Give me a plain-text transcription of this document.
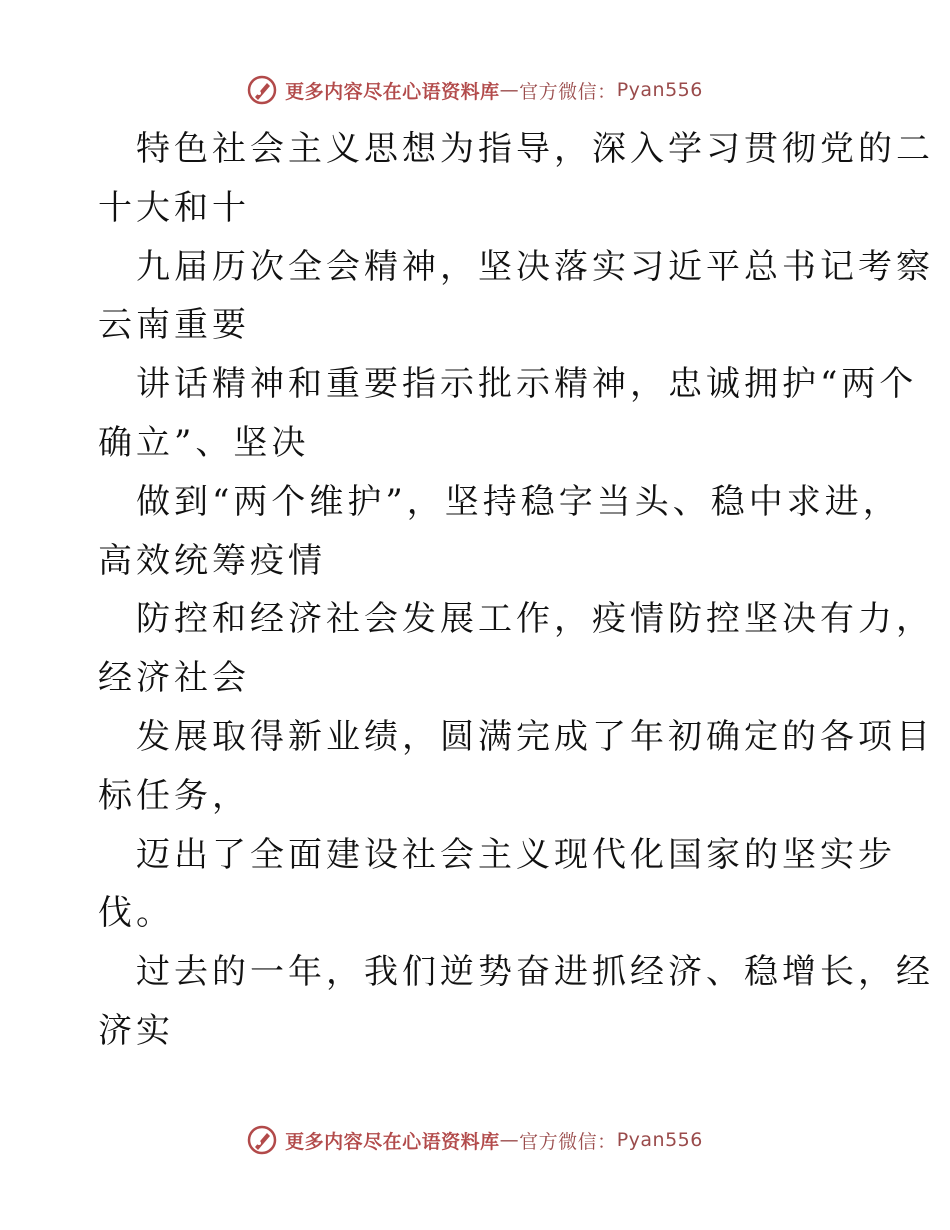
更多内容尽在心语资料库 — 官方微信： Pyan556
特色社会主义思想为指导，深入学习贯彻党的二
十大和十
九届历次全会精神，坚决落实习近平总书记考察
云南重要
讲话精神和重要指示批示精神，忠诚拥护“两个
确立”、坚决
做到“两个维护”，坚持稳字当头、稳中求进，
高效统筹疫情
防控和经济社会发展工作，疫情防控坚决有力，
经济社会
发展取得新业绩，圆满完成了年初确定的各项目
标任务，
迈出了全面建设社会主义现代化国家的坚实步
伐。
过去的一年，我们逆势奋进抓经济、稳增长，经
济实
更多内容尽在心语资料库 — 官方微信： Pyan556
